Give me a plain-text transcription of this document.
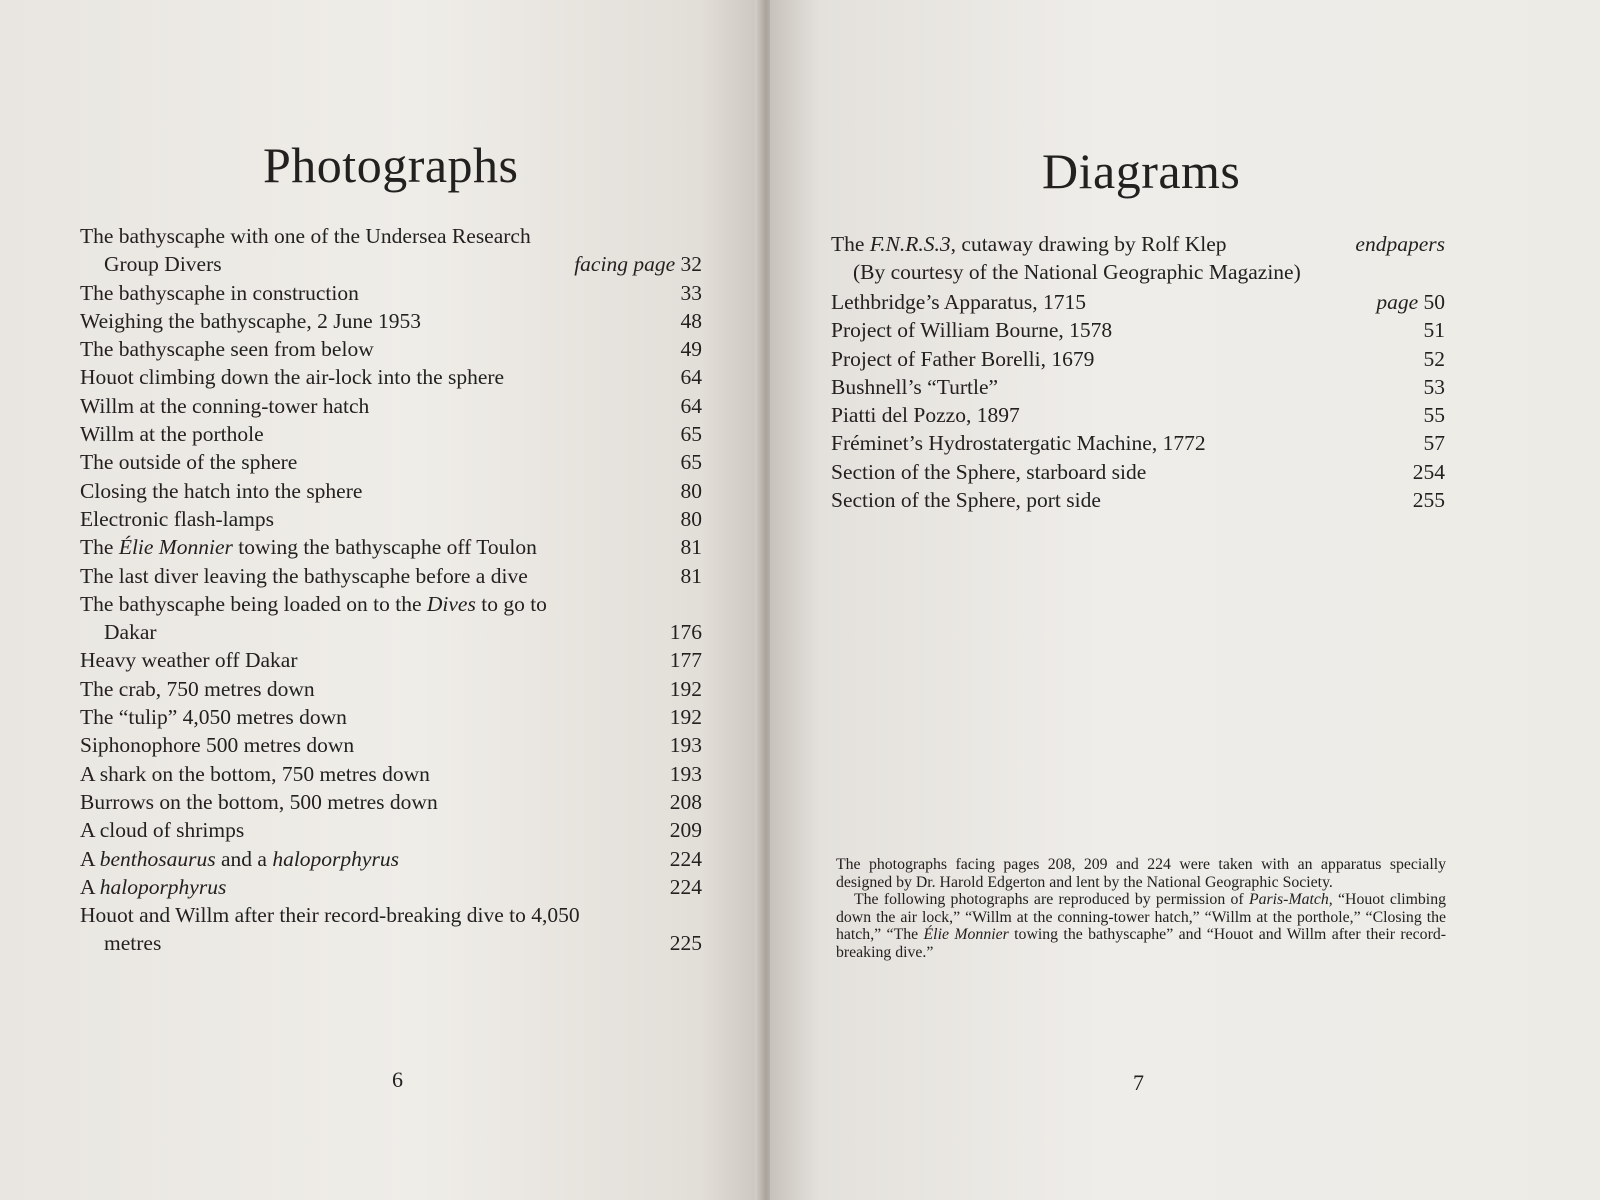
Photographs
The bathyscaphe with one of the Undersea Research
Group Divers	facing page 32
The bathyscaphe in construction	33
Weighing the bathyscaphe, 2 June 1953	48
The bathyscaphe seen from below	49
Houot climbing down the air-lock into the sphere	64
Willm at the conning-tower hatch	64
Willm at the porthole	65
The outside of the sphere	65
Closing the hatch into the sphere	80
Electronic flash-lamps	80
The Élie Monnier towing the bathyscaphe off Toulon	81
The last diver leaving the bathyscaphe before a dive	81
The bathyscaphe being loaded on to the Dives to go to
Dakar	176
Heavy weather off Dakar	177
The crab, 750 metres down	192
The “tulip” 4,050 metres down	192
Siphonophore 500 metres down	193
A shark on the bottom, 750 metres down	193
Burrows on the bottom, 500 metres down	208
A cloud of shrimps	209
A benthosaurus and a haloporphyrus	224
A haloporphyrus	224
Houot and Willm after their record-breaking dive to 4,050
metres	225
6
Diagrams
The F.N.R.S.3, cutaway drawing by Rolf Klep	endpapers
(By courtesy of the National Geographic Magazine)
Lethbridge’s Apparatus, 1715	page 50
Project of William Bourne, 1578	51
Project of Father Borelli, 1679	52
Bushnell’s “Turtle”	53
Piatti del Pozzo, 1897	55
Fréminet’s Hydrostatergatic Machine, 1772	57
Section of the Sphere, starboard side	254
Section of the Sphere, port side	255

The photographs facing pages 208, 209 and 224 were taken with an apparatus specially designed by Dr. Harold Edgerton and lent by the National Geographic Society.

The following photographs are reproduced by permission of Paris-Match, “Houot climbing down the air lock,” “Willm at the conning-tower hatch,” “Willm at the porthole,” “Closing the hatch,” “The Élie Monnier towing the bathyscaphe” and “Houot and Willm after their record-breaking dive.”

7
